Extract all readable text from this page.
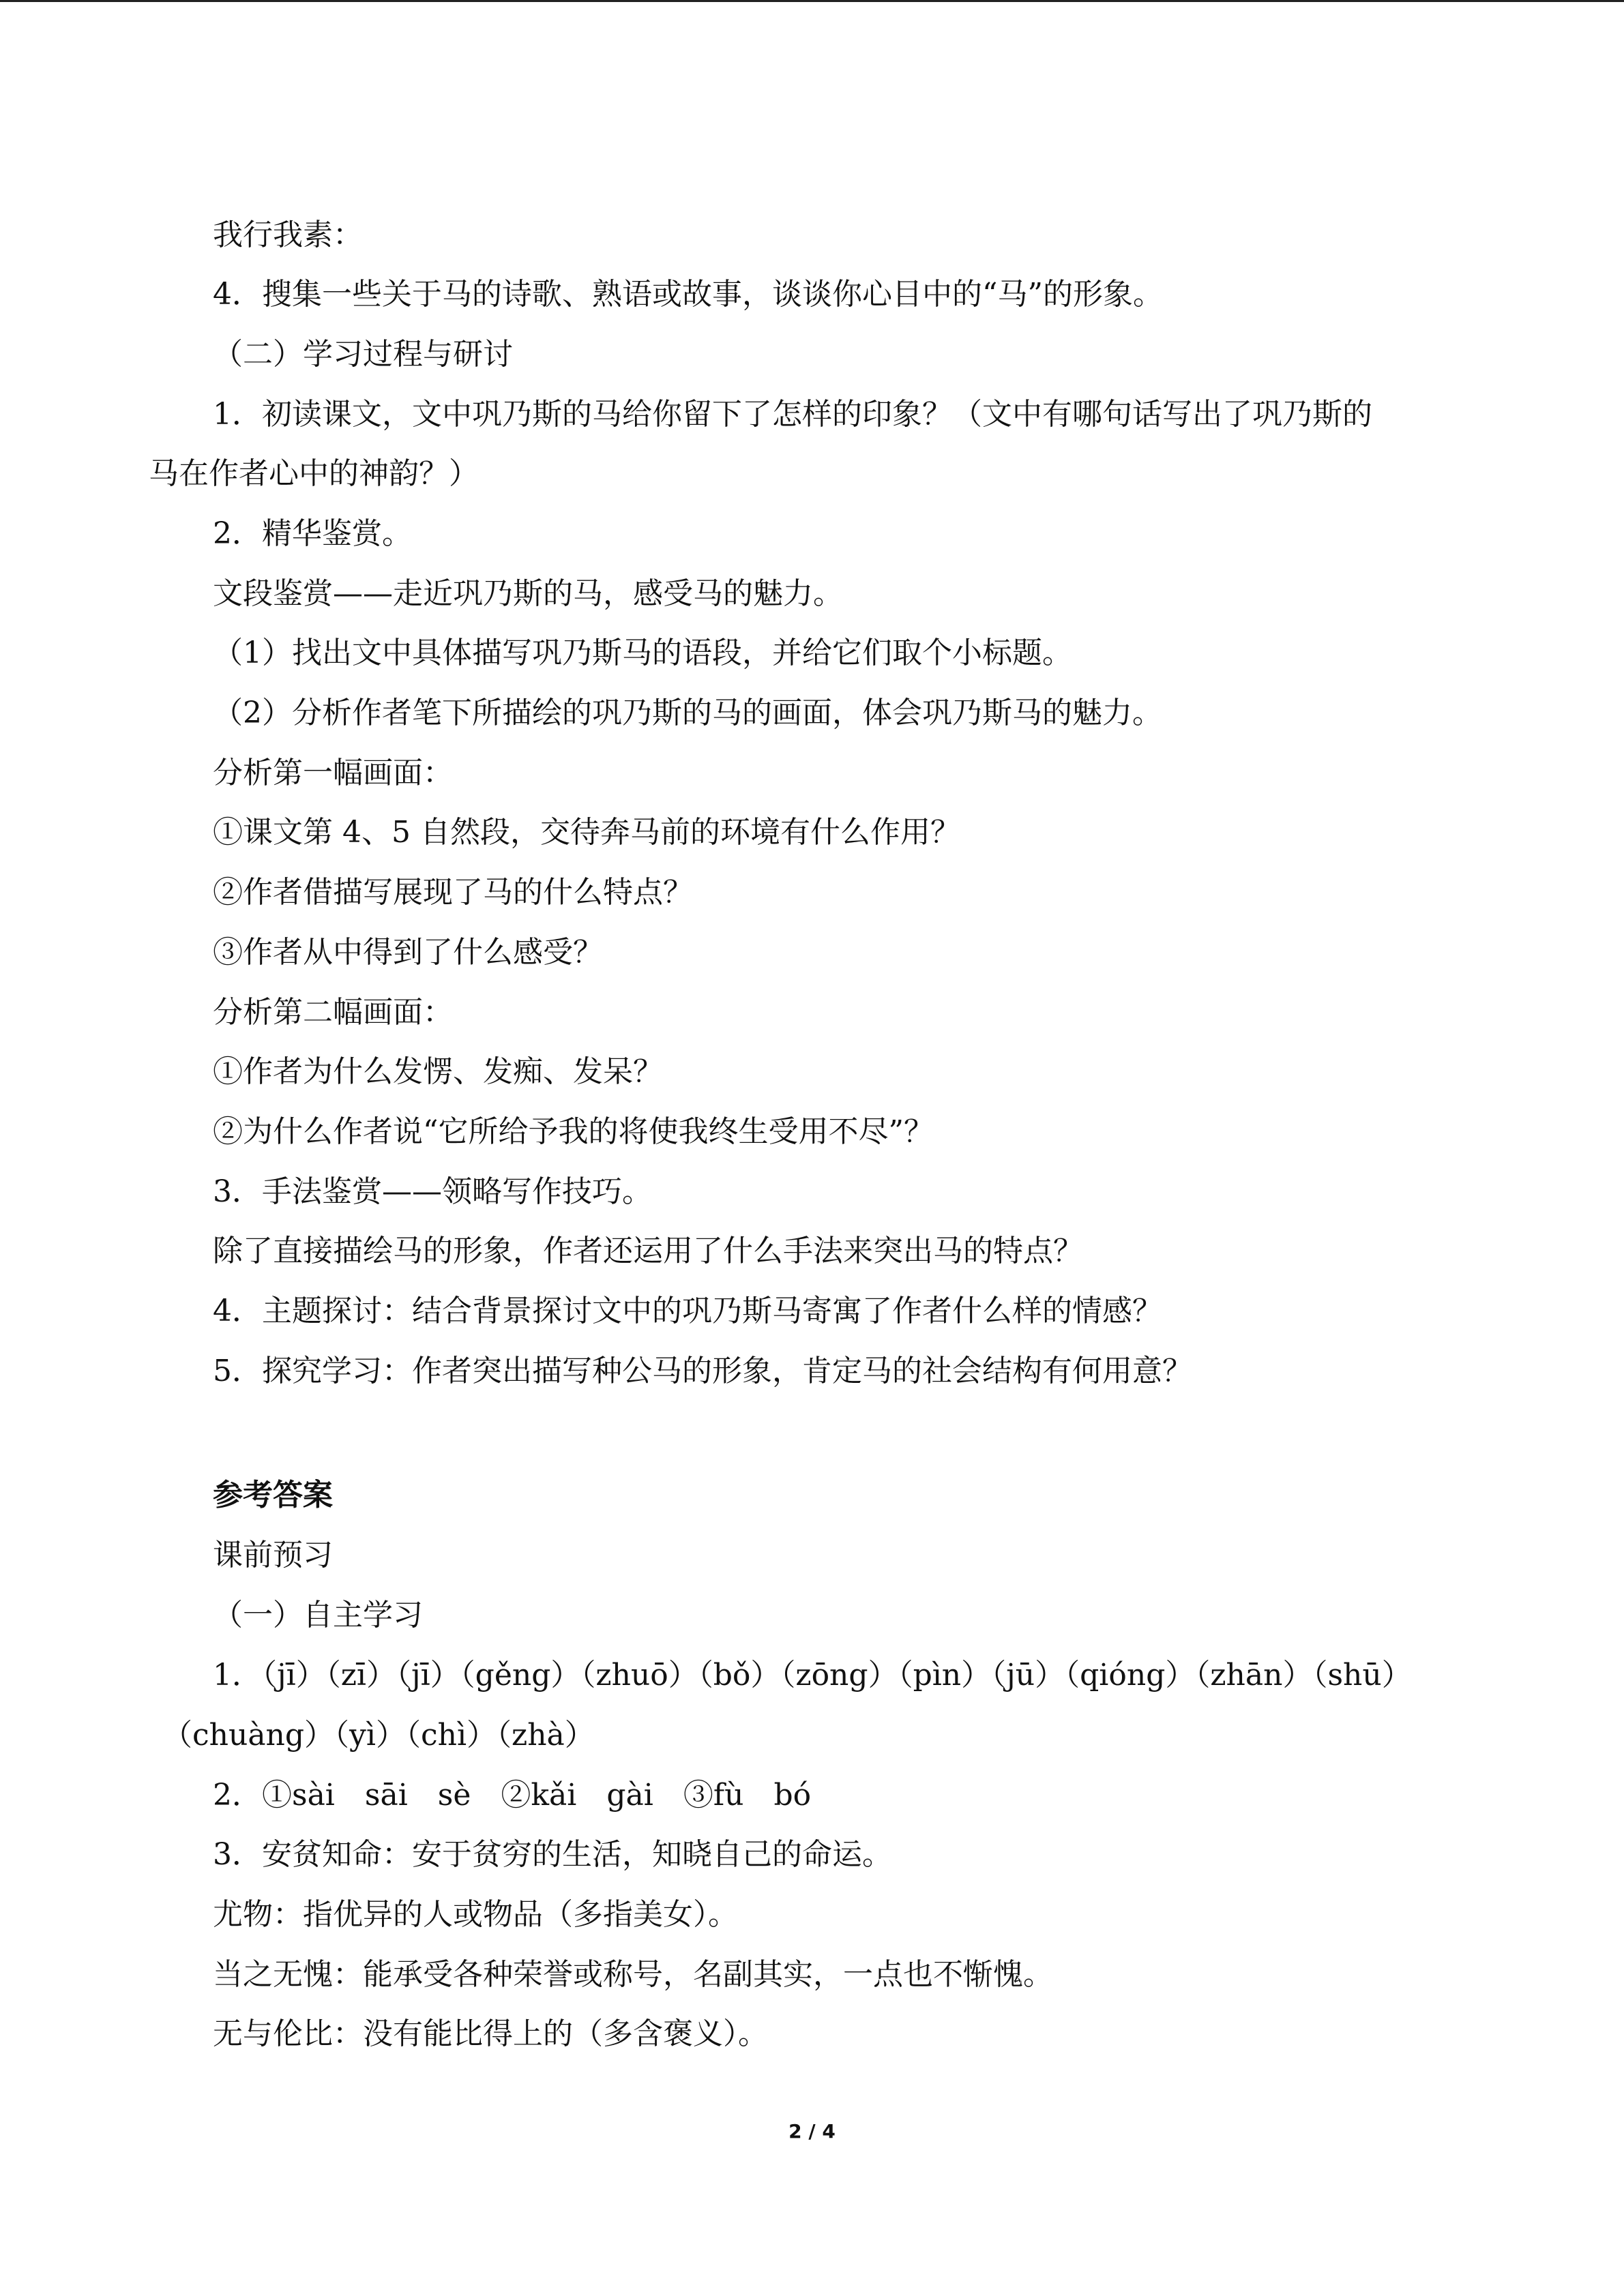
我行我素：
4．搜集一些关于马的诗歌、熟语或故事，谈谈你心目中的“马”的形象。
（二）学习过程与研讨
1．初读课文，文中巩乃斯的马给你留下了怎样的印象？（文中有哪句话写出了巩乃斯的
马在作者心中的神韵？）
2．精华鉴赏。
文段鉴赏——走近巩乃斯的马，感受马的魅力。
（1）找出文中具体描写巩乃斯马的语段，并给它们取个小标题。
（2）分析作者笔下所描绘的巩乃斯的马的画面，体会巩乃斯马的魅力。
分析第一幅画面：
①课文第 4、5 自然段，交待奔马前的环境有什么作用？
②作者借描写展现了马的什么特点？
③作者从中得到了什么感受？
分析第二幅画面：
①作者为什么发愣、发痴、发呆？
②为什么作者说“它所给予我的将使我终生受用不尽”？
3．手法鉴赏——领略写作技巧。
除了直接描绘马的形象，作者还运用了什么手法来突出马的特点？
4．主题探讨：结合背景探讨文中的巩乃斯马寄寓了作者什么样的情感？
5．探究学习：作者突出描写种公马的形象，肯定马的社会结构有何用意？
参考答案
课前预习
（一）自主学习
1．（jī）（zī）（jī）（gěng）（zhuō）（bǒ）（zōng）（pìn）（jū）（qióng）（zhān）（shū）
（chuàng）（yì）（chì）（zhà）
2．①sài　sāi　sè　②kǎi　gài　③fù　bó
3．安贫知命：安于贫穷的生活，知晓自己的命运。
尤物：指优异的人或物品（多指美女）。
当之无愧：能承受各种荣誉或称号，名副其实，一点也不惭愧。
无与伦比：没有能比得上的（多含褒义）。
2 / 4
